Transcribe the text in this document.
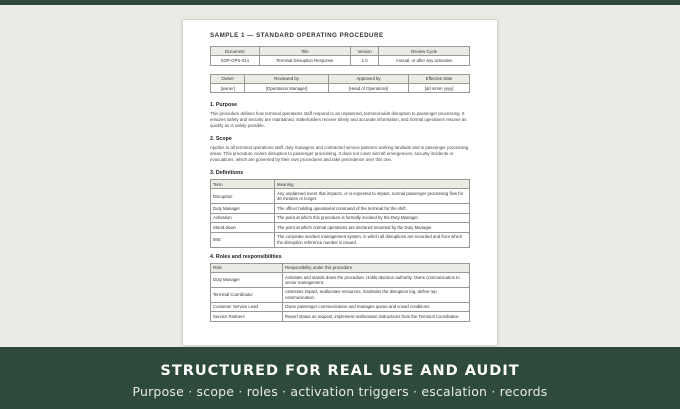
SAMPLE 1 — STANDARD OPERATING PROCEDURE
Document	Title	Version	Review Cycle
SOP-OPS-014	Terminal Disruption Response	1.0	Annual, or after any activation
Owner	Reviewed by	Approved by	Effective Date
[owner]	[Operations Manager]	[Head of Operations]	[dd mmm yyyy]
1. Purpose

This procedure defines how terminal operations staff respond to an unplanned, terminal-wide disruption to passenger processing. It ensures safety and security are maintained, stakeholders receive timely and accurate information, and normal operations resume as quickly as is safely possible.

2. Scope

Applies to all terminal operations staff, duty managers and contracted service partners working landside and in passenger processing areas. This procedure covers disruption to passenger processing. It does not cover aircraft emergencies, security incidents or evacuations, which are governed by their own procedures and take precedence over this one.

3. Definitions
Term	Meaning
Disruption	Any unplanned event that impacts, or is expected to impact, normal passenger processing flow for 30 minutes or longer.
Duty Manager	The officer holding operational command of the terminal for the shift.
Activation	The point at which this procedure is formally invoked by the Duty Manager.
Stand-down	The point at which normal operations are declared resumed by the Duty Manager.
IMS	The corporate incident management system, in which all disruptions are recorded and from which the disruption reference number is issued.
4. Roles and responsibilities
Role	Responsibility under this procedure
Duty Manager	Activates and stands down the procedure. Holds decision authority. Owns communication to senior management.
Terminal Coordinator	Assesses impact, reallocates resources, maintains the disruption log, define rep communication.
Customer Service Lead	Owns passenger communication and manages queue and crowd conditions.
Service Partners	Report status on request, implement reallocation instructions from the Terminal Coordinator.
STRUCTURED FOR REAL USE AND AUDIT
Purpose · scope · roles · activation triggers · escalation · records
